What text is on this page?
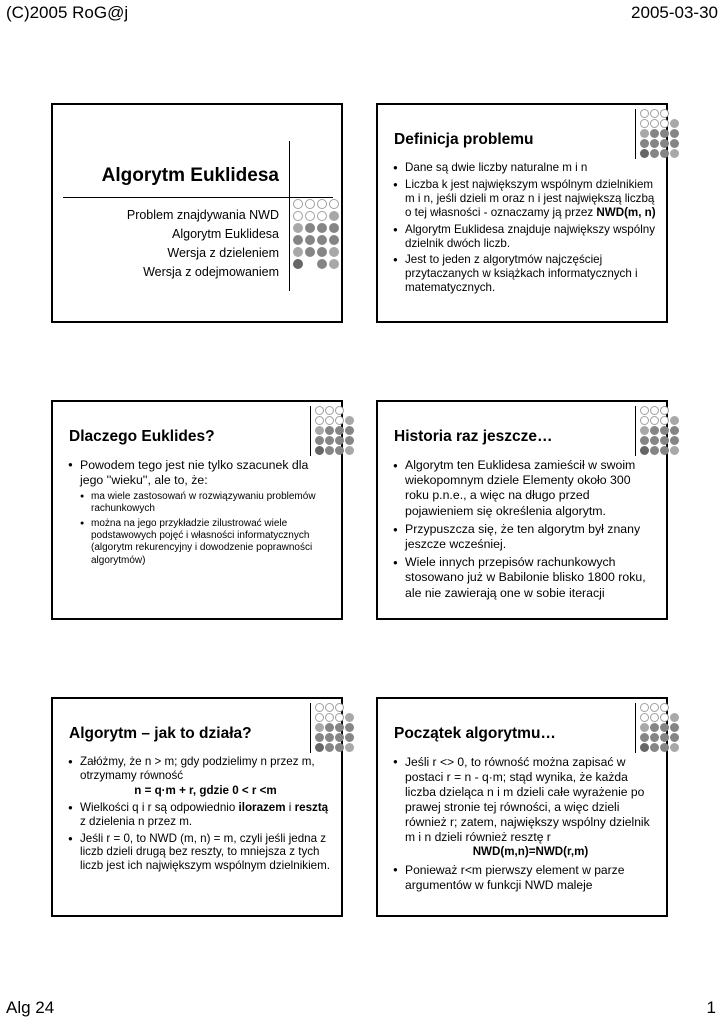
(C)2005 RoG@j	2005-03-30
Algorytm Euklidesa
Problem znajdywania NWD
Algorytm Euklidesa
Wersja z dzieleniem
Wersja z odejmowaniem
Definicja problemu
● Dane są dwie liczby naturalne m i n
● Liczba k jest największym wspólnym dzielnikiem m i n, jeśli dzieli m oraz n i jest największą liczbą o tej własności - oznaczamy ją przez NWD(m, n)
● Algorytm Euklidesa znajduje największy wspólny dzielnik dwóch liczb.
● Jest to jeden z algorytmów najczęściej przytaczanych w książkach informatycznych i matematycznych.
Dlaczego Euklides?
● Powodem tego jest nie tylko szacunek dla jego ''wieku'', ale to, że:
● ma wiele zastosowań w rozwiązywaniu problemów rachunkowych
● można na jego przykładzie zilustrować wiele podstawowych pojęć i własności informatycznych (algorytm rekurencyjny i dowodzenie poprawności algorytmów)
Historia raz jeszcze…
● Algorytm ten Euklidesa zamieścił w swoim wiekopomnym dziele Elementy około 300 roku p.n.e., a więc na długo przed pojawieniem się określenia algorytm.
● Przypuszcza się, że ten algorytm był znany jeszcze wcześniej.
● Wiele innych przepisów rachunkowych stosowano już w Babilonie blisko 1800 roku, ale nie zawierają one w sobie iteracji
Algorytm – jak to działa?
● Załóżmy, że n > m; gdy podzielimy n przez m, otrzymamy równość
n = q·m + r, gdzie 0 < r <m
● Wielkości q i r są odpowiednio ilorazem i resztą z dzielenia n przez m.
● Jeśli r = 0, to NWD (m, n) = m, czyli jeśli jedna z liczb dzieli drugą bez reszty, to mniejsza z tych liczb jest ich największym wspólnym dzielnikiem.
Początek algorytmu…
● Jeśli r <> 0, to równość można zapisać w postaci r = n - q·m; stąd wynika, że każda liczba dzieląca n i m dzieli całe wyrażenie po prawej stronie tej równości, a więc dzieli również r; zatem, największy wspólny dzielnik m i n dzieli również resztę r
NWD(m,n)=NWD(r,m)
● Ponieważ r<m pierwszy element w parze argumentów w funkcji NWD maleje
Alg 24	1
